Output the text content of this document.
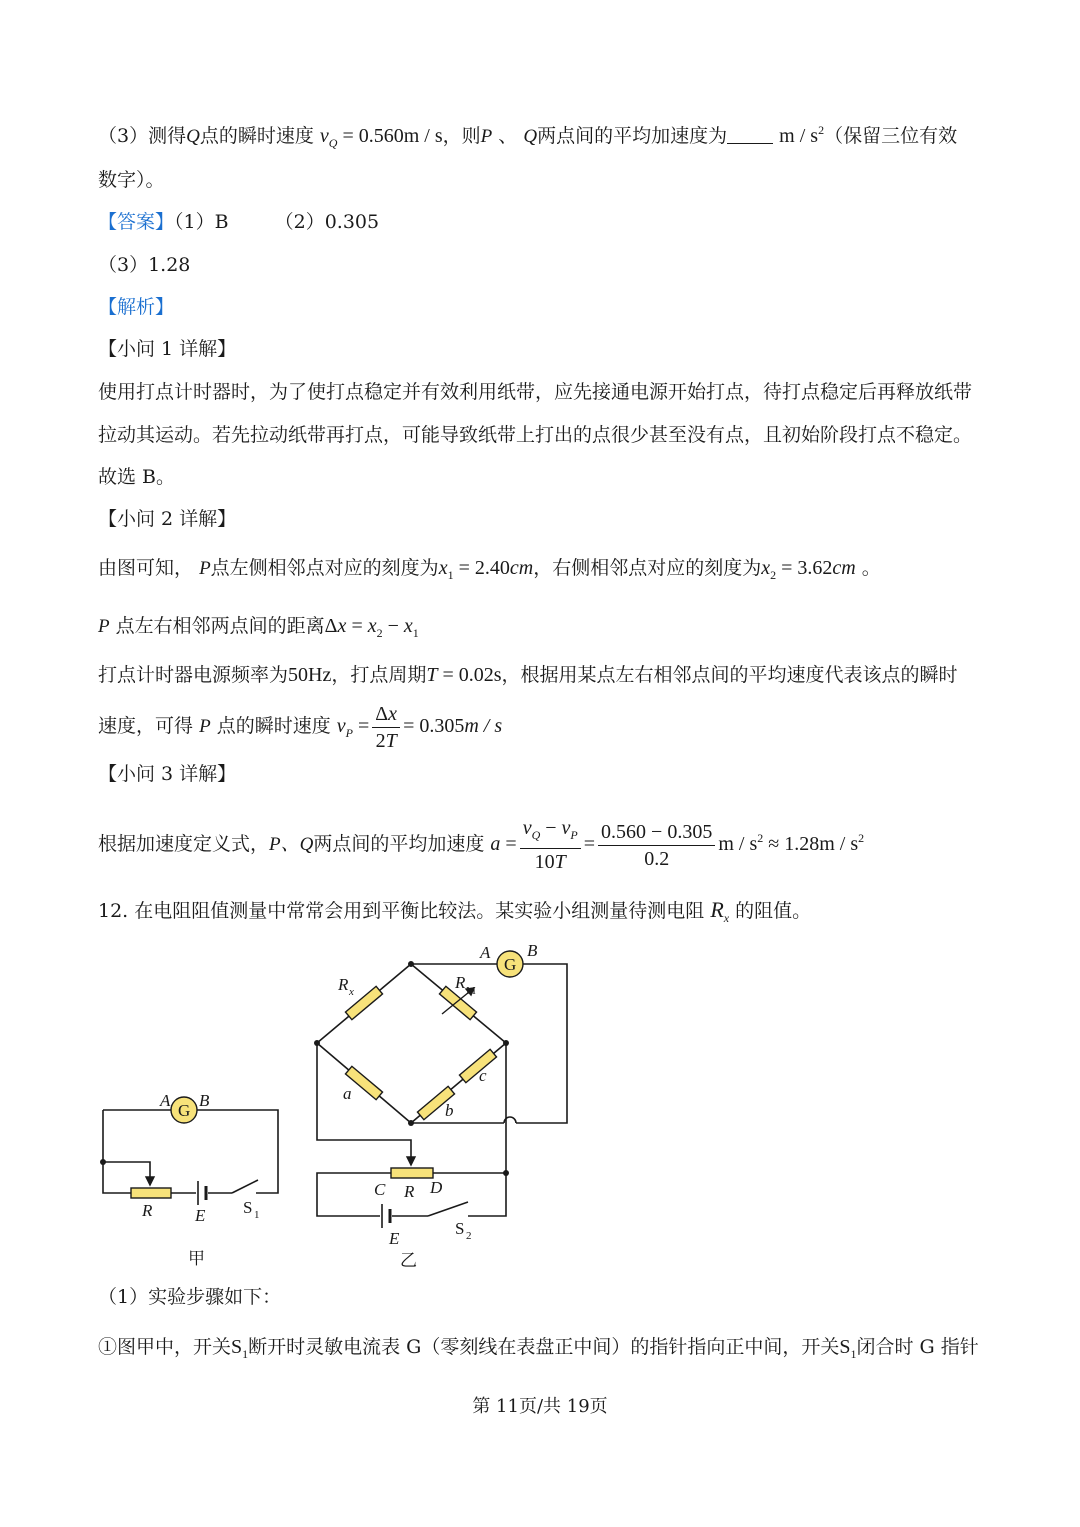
（3）测得Q点的瞬时速度 $v_Q = 0.560m / s$，则P 、 Q两点间的平均加速度为	m / $s^2$（保留三位有效
数字）。
【答案】（1）B （2）0.305
（3）1.28
【解析】
【小问 1 详解】
使用打点计时器时，为了使打点稳定并有效利用纸带，应先接通电源开始打点，待打点稳定后再释放纸带
拉动其运动。若先拉动纸带再打点，可能导致纸带上打出的点很少甚至没有点，且初始阶段打点不稳定。
故选 B。
【小问 2 详解】
由图可知， P点左侧相邻点对应的刻度为$x_1 = 2.40cm$，右侧相邻点对应的刻度为$x_2 = 3.62cm$ 。
P 点左右相邻两点间的距离$\Delta x = x_2 - x_1$
打点计时器电源频率为50Hz，打点周期T = 0.02s，根据用某点左右相邻点间的平均速度代表该点的瞬时
速度，可得 P 点的瞬时速度 $v_P = \frac{\Delta x}{2T} = 0.305m / s$
【小问 3 详解】
根据加速度定义式，P、Q两点间的平均加速度 $a = \frac{v_Q - v_P}{10T} = \frac{0.560 - 0.305}{0.2}$ $m / s^2 \approx 1.28m / s^2$
12. 在电阻阻值测量中常常会用到平衡比较法。某实验小组测量待测电阻 $R_x$ 的阻值。
G
A B
R	E S 1
甲
G
A B
R x	R M
a
b
c
C R D
E
S 2
乙
（1）实验步骤如下：
①图甲中，开关$S_1$断开时灵敏电流表 G（零刻线在表盘正中间）的指针指向正中间，开关$S_1$闭合时 G 指针
第 11页/共 19页
